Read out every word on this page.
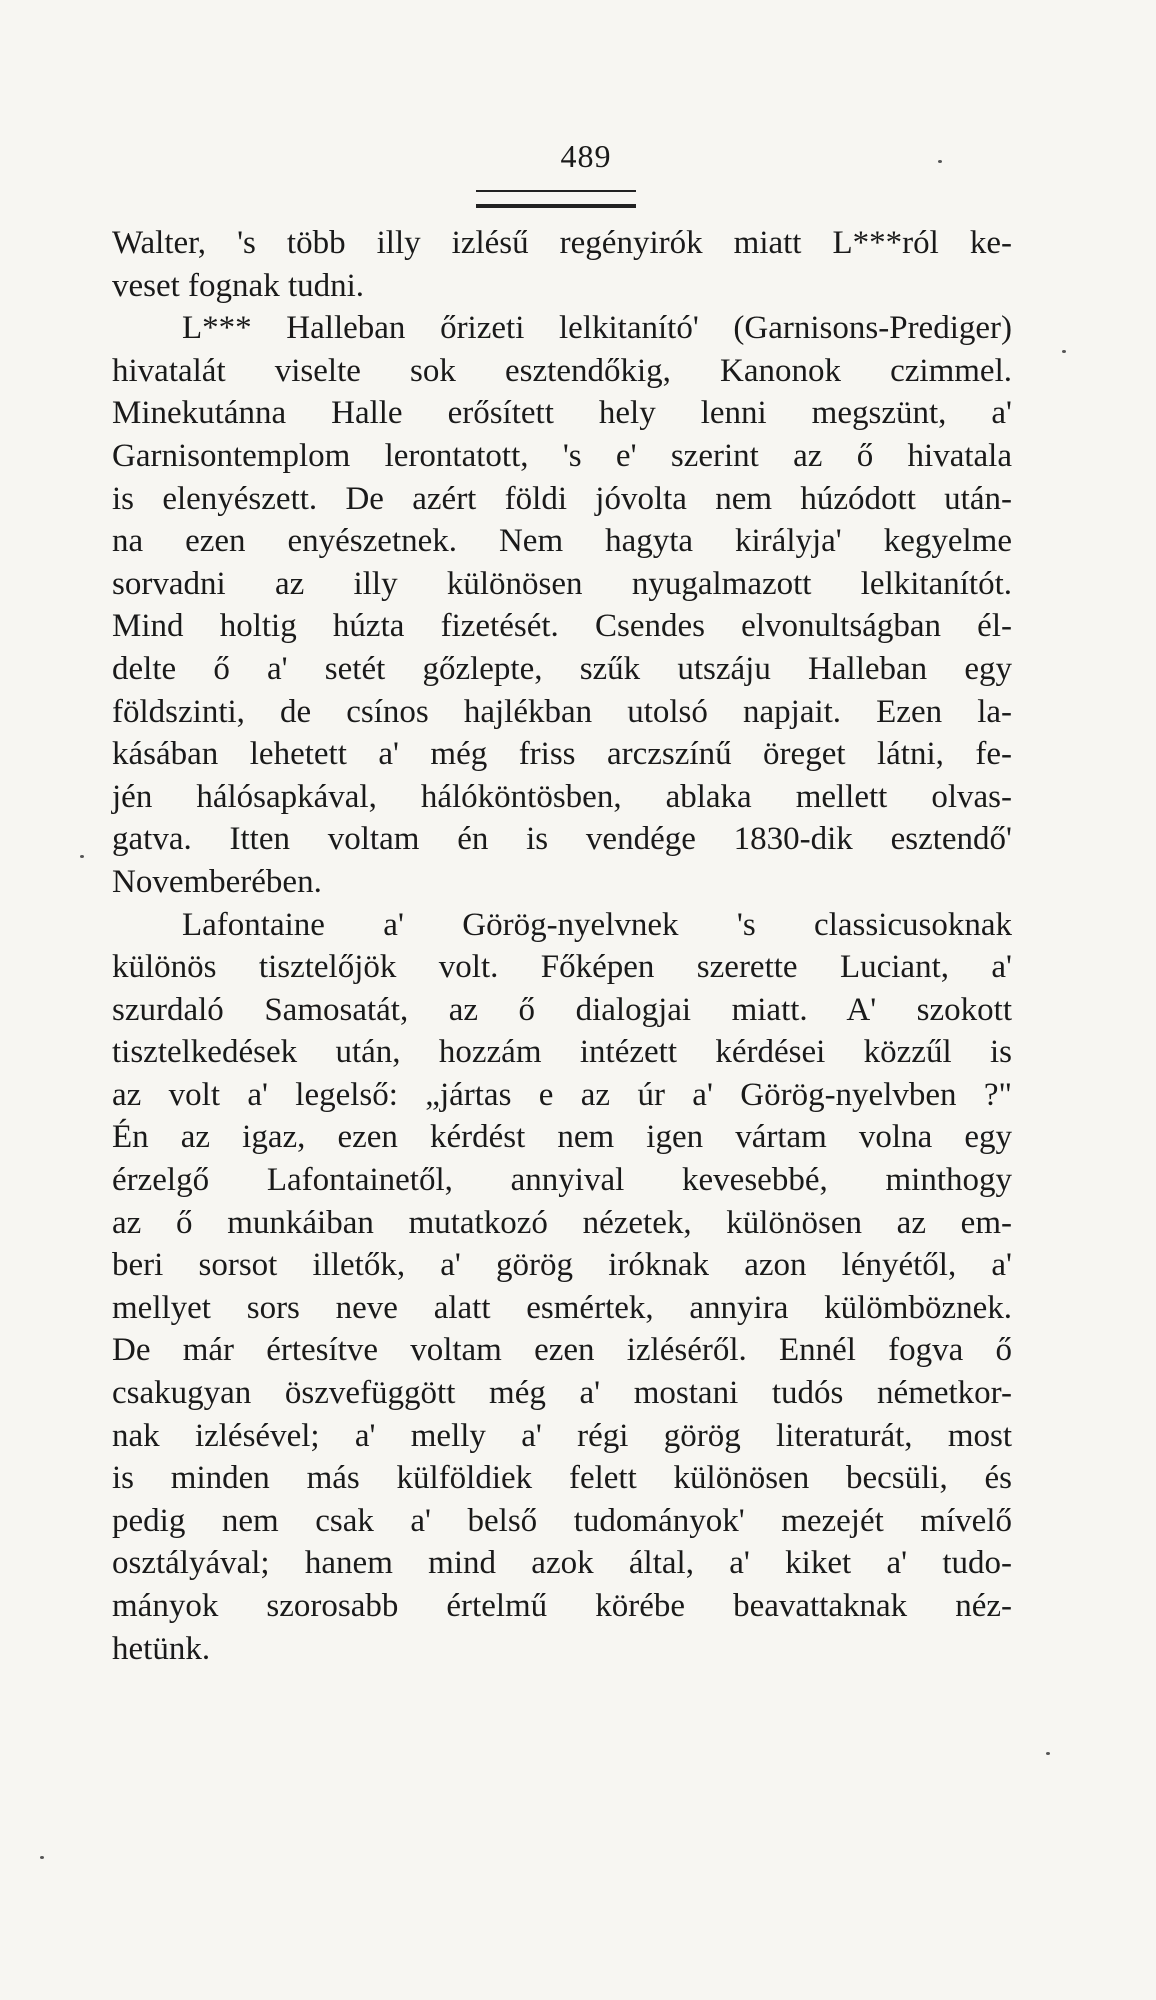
489
Walter, 's több illy izlésű regényirók miatt L***ról ke-
veset fognak tudni.
L*** Halleban őrizeti lelkitanító' (Garnisons-Prediger)
hivatalát viselte sok esztendőkig, Kanonok czimmel.
Minekutánna Halle erősített hely lenni megszünt, a'
Garnisontemplom lerontatott, 's e' szerint az ő hivatala
is elenyészett. De azért földi jóvolta nem húzódott után-
na ezen enyészetnek. Nem hagyta királyja' kegyelme
sorvadni az illy különösen nyugalmazott lelkitanítót.
Mind holtig húzta fizetését. Csendes elvonultságban él-
delte ő a' setét gőzlepte, szűk utszáju Halleban egy
földszinti, de csínos hajlékban utolsó napjait. Ezen la-
kásában lehetett a' még friss arczszínű öreget látni, fe-
jén hálósapkával, hálóköntösben, ablaka mellett olvas-
gatva. Itten voltam én is vendége 1830-dik esztendő'
Novemberében.
Lafontaine a' Görög-nyelvnek 's classicusoknak
különös tisztelőjök volt. Főképen szerette Luciant, a'
szurdaló Samosatát, az ő dialogjai miatt. A' szokott
tisztelkedések után, hozzám intézett kérdései közzűl is
az volt a' legelső: „jártas e az úr a' Görög-nyelvben ?"
Én az igaz, ezen kérdést nem igen vártam volna egy
érzelgő Lafontainetől, annyival kevesebbé, minthogy
az ő munkáiban mutatkozó nézetek, különösen az em-
beri sorsot illetők, a' görög iróknak azon lényétől, a'
mellyet sors neve alatt esmértek, annyira külömböznek.
De már értesítve voltam ezen izléséről. Ennél fogva ő
csakugyan öszvefüggött még a' mostani tudós németkor-
nak izlésével; a' melly a' régi görög literaturát, most
is minden más külföldiek felett különösen becsüli, és
pedig nem csak a' belső tudományok' mezejét mívelő
osztályával; hanem mind azok által, a' kiket a' tudo-
mányok szorosabb értelmű körébe beavattaknak néz-
hetünk.
